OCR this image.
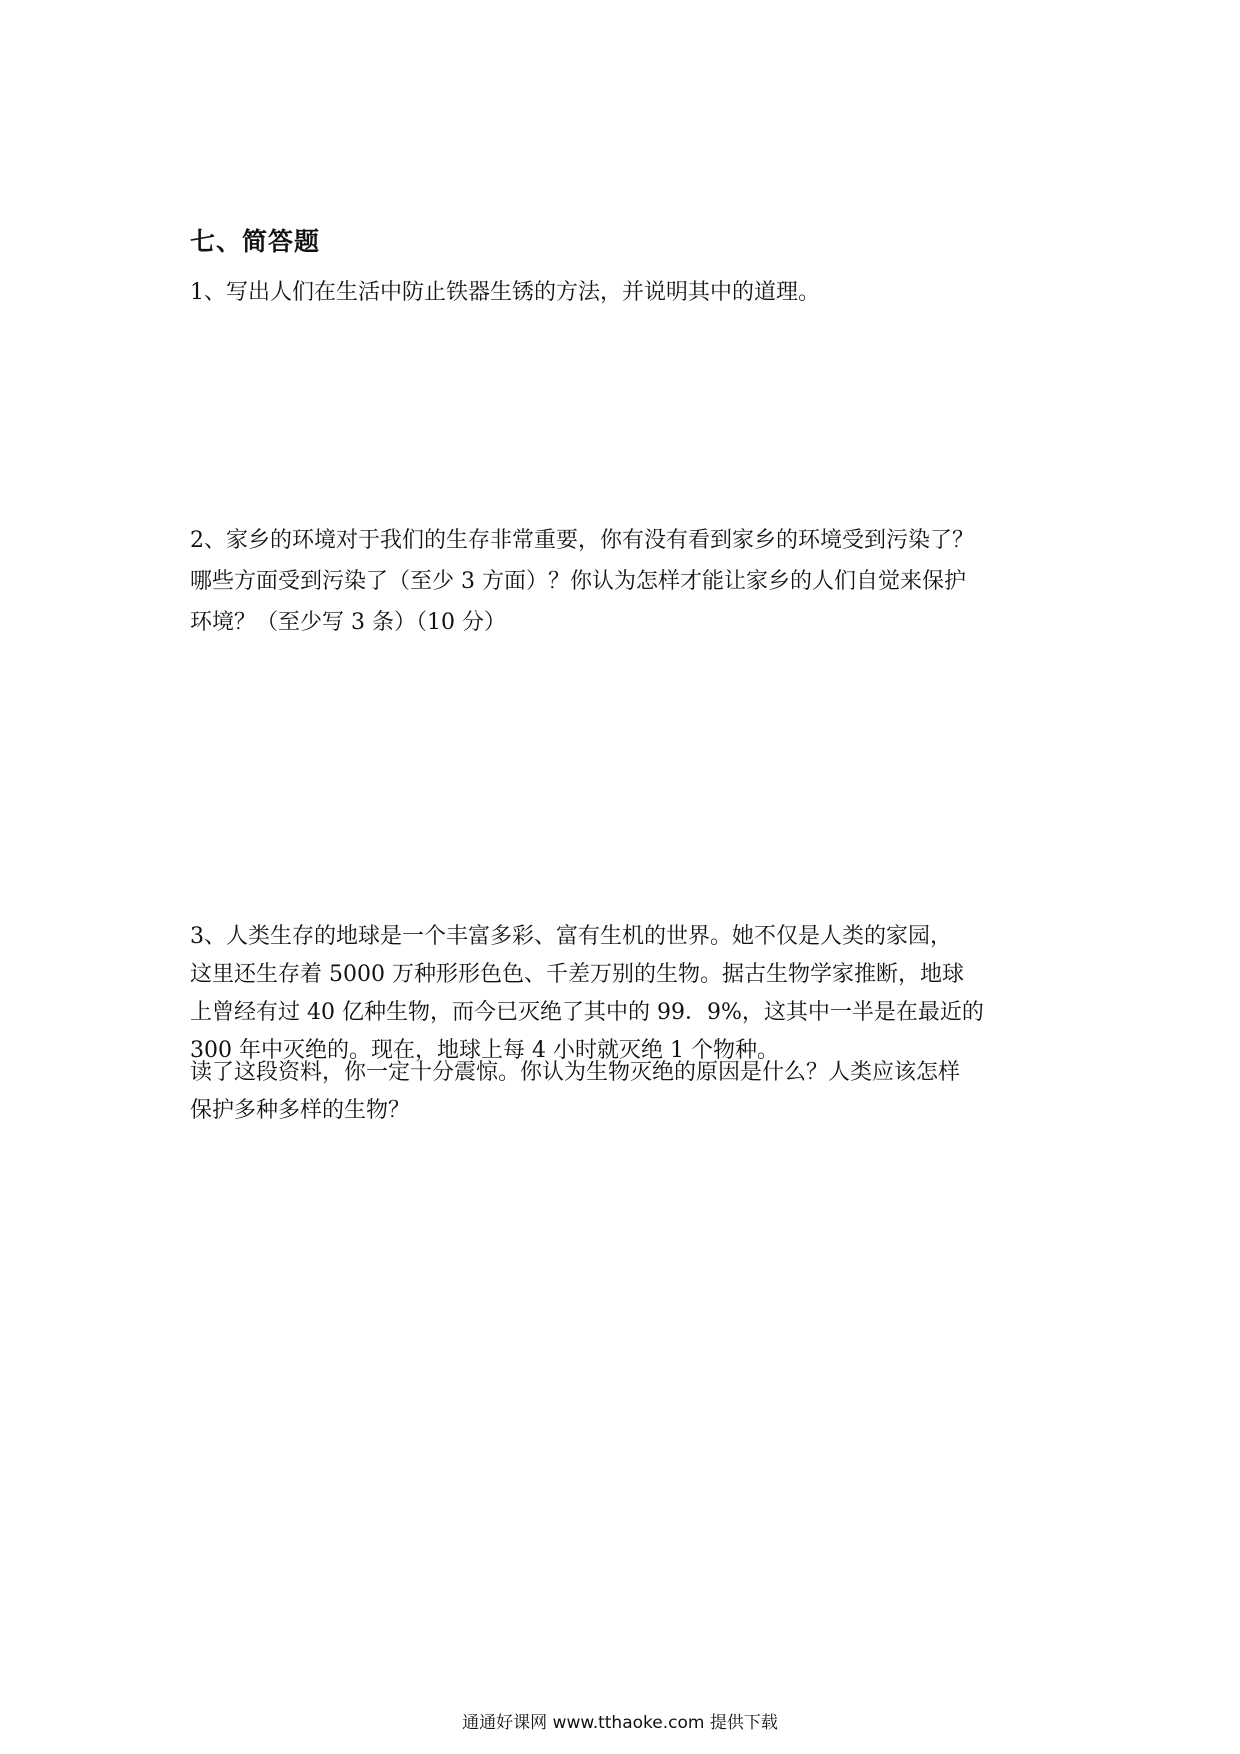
七、简答题
1、写出人们在生活中防止铁器生锈的方法，并说明其中的道理。
2、家乡的环境对于我们的生存非常重要，你有没有看到家乡的环境受到污染了？
哪些方面受到污染了（至少 3 方面）？你认为怎样才能让家乡的人们自觉来保护
环境？（至少写 3 条）（10 分）
3、人类生存的地球是一个丰富多彩、富有生机的世界。她不仅是人类的家园，
这里还生存着 5000 万种形形色色、千差万别的生物。据古生物学家推断，地球
上曾经有过 40 亿种生物，而今已灭绝了其中的 99．9%，这其中一半是在最近的
300 年中灭绝的。现在，地球上每 4 小时就灭绝 1 个物种。
读了这段资料，你一定十分震惊。你认为生物灭绝的原因是什么？人类应该怎样
保护多种多样的生物？
通通好课网 www.tthaoke.com 提供下载
